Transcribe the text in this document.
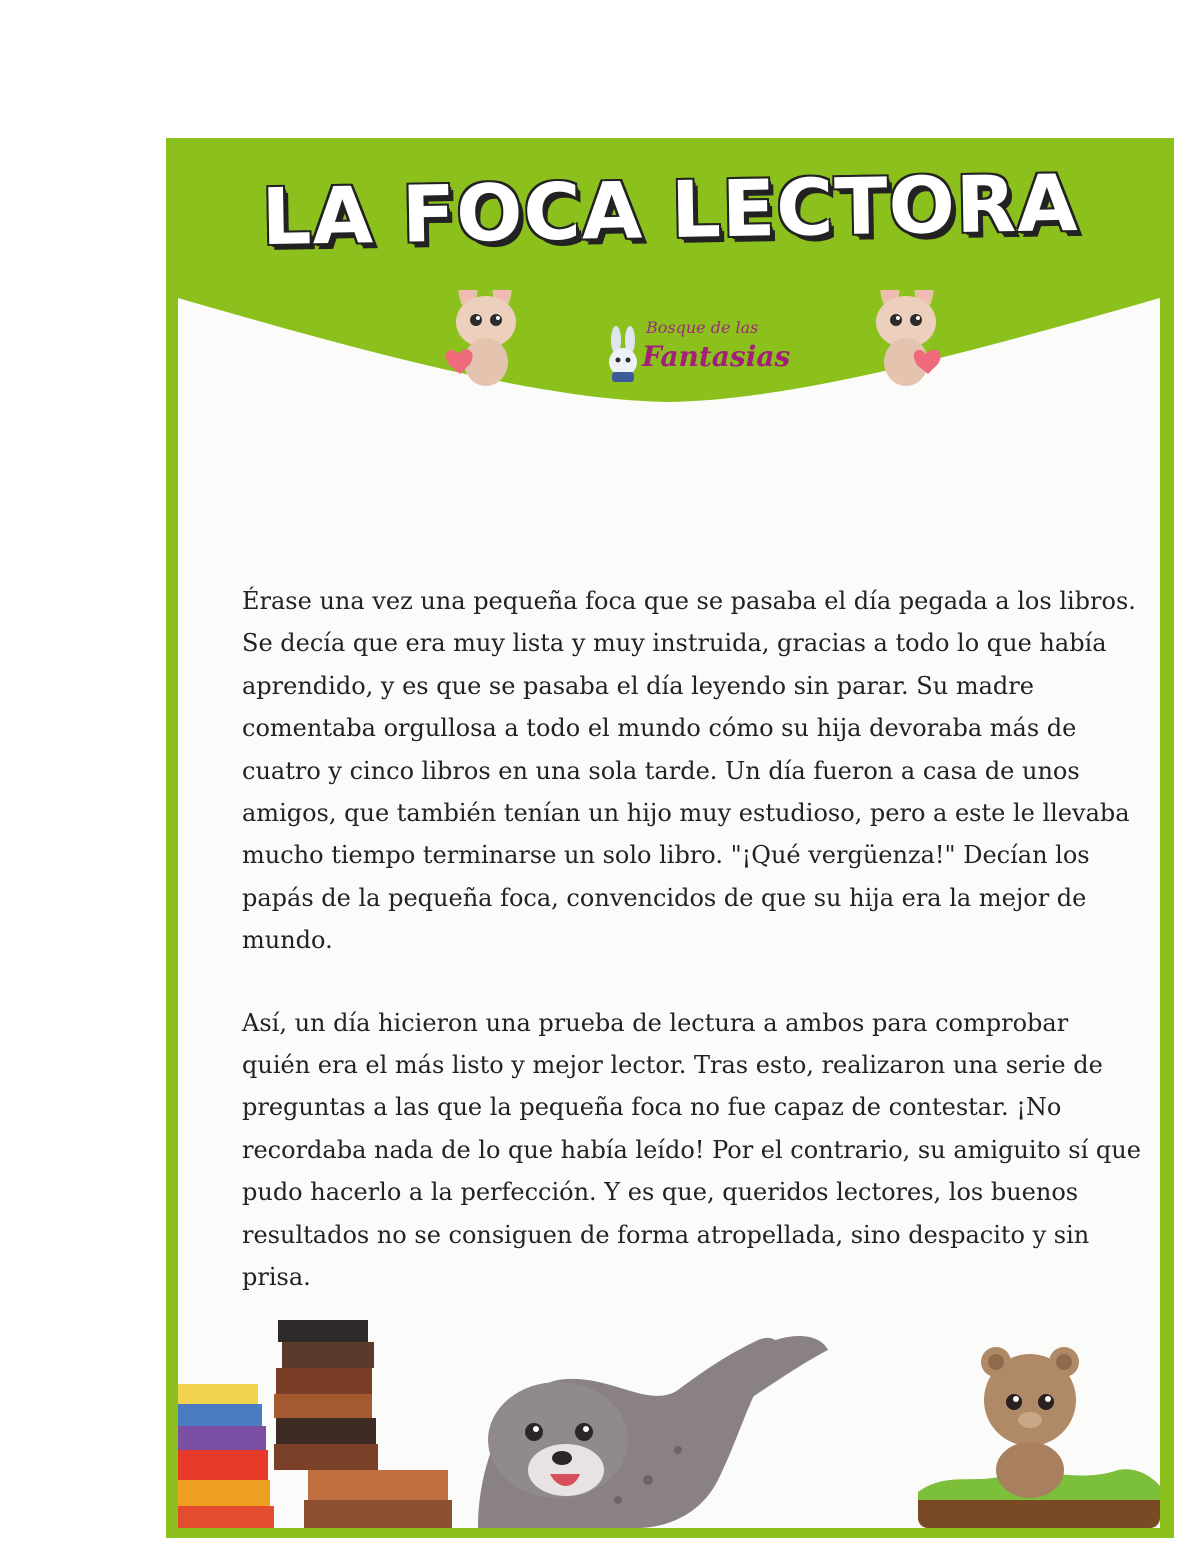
LA FOCA LECTORA
Bosque de las
Fantasias

Érase una vez una pequeña foca que se pasaba el día pegada a los libros. Se decía que era muy lista y muy instruida, gracias a todo lo que había aprendido, y es que se pasaba el día leyendo sin parar. Su madre comentaba orgullosa a todo el mundo cómo su hija devoraba más de cuatro y cinco libros en una sola tarde. Un día fueron a casa de unos amigos, que también tenían un hijo muy estudioso, pero a este le llevaba mucho tiempo terminarse un solo libro. "¡Qué vergüenza!" Decían los papás de la pequeña foca, convencidos de que su hija era la mejor de mundo.

Así, un día hicieron una prueba de lectura a ambos para comprobar quién era el más listo y mejor lector. Tras esto, realizaron una serie de preguntas a las que la pequeña foca no fue capaz de contestar. ¡No recordaba nada de lo que había leído! Por el contrario, su amiguito sí que pudo hacerlo a la perfección. Y es que, queridos lectores, los buenos resultados no se consiguen de forma atropellada, sino despacito y sin prisa.
